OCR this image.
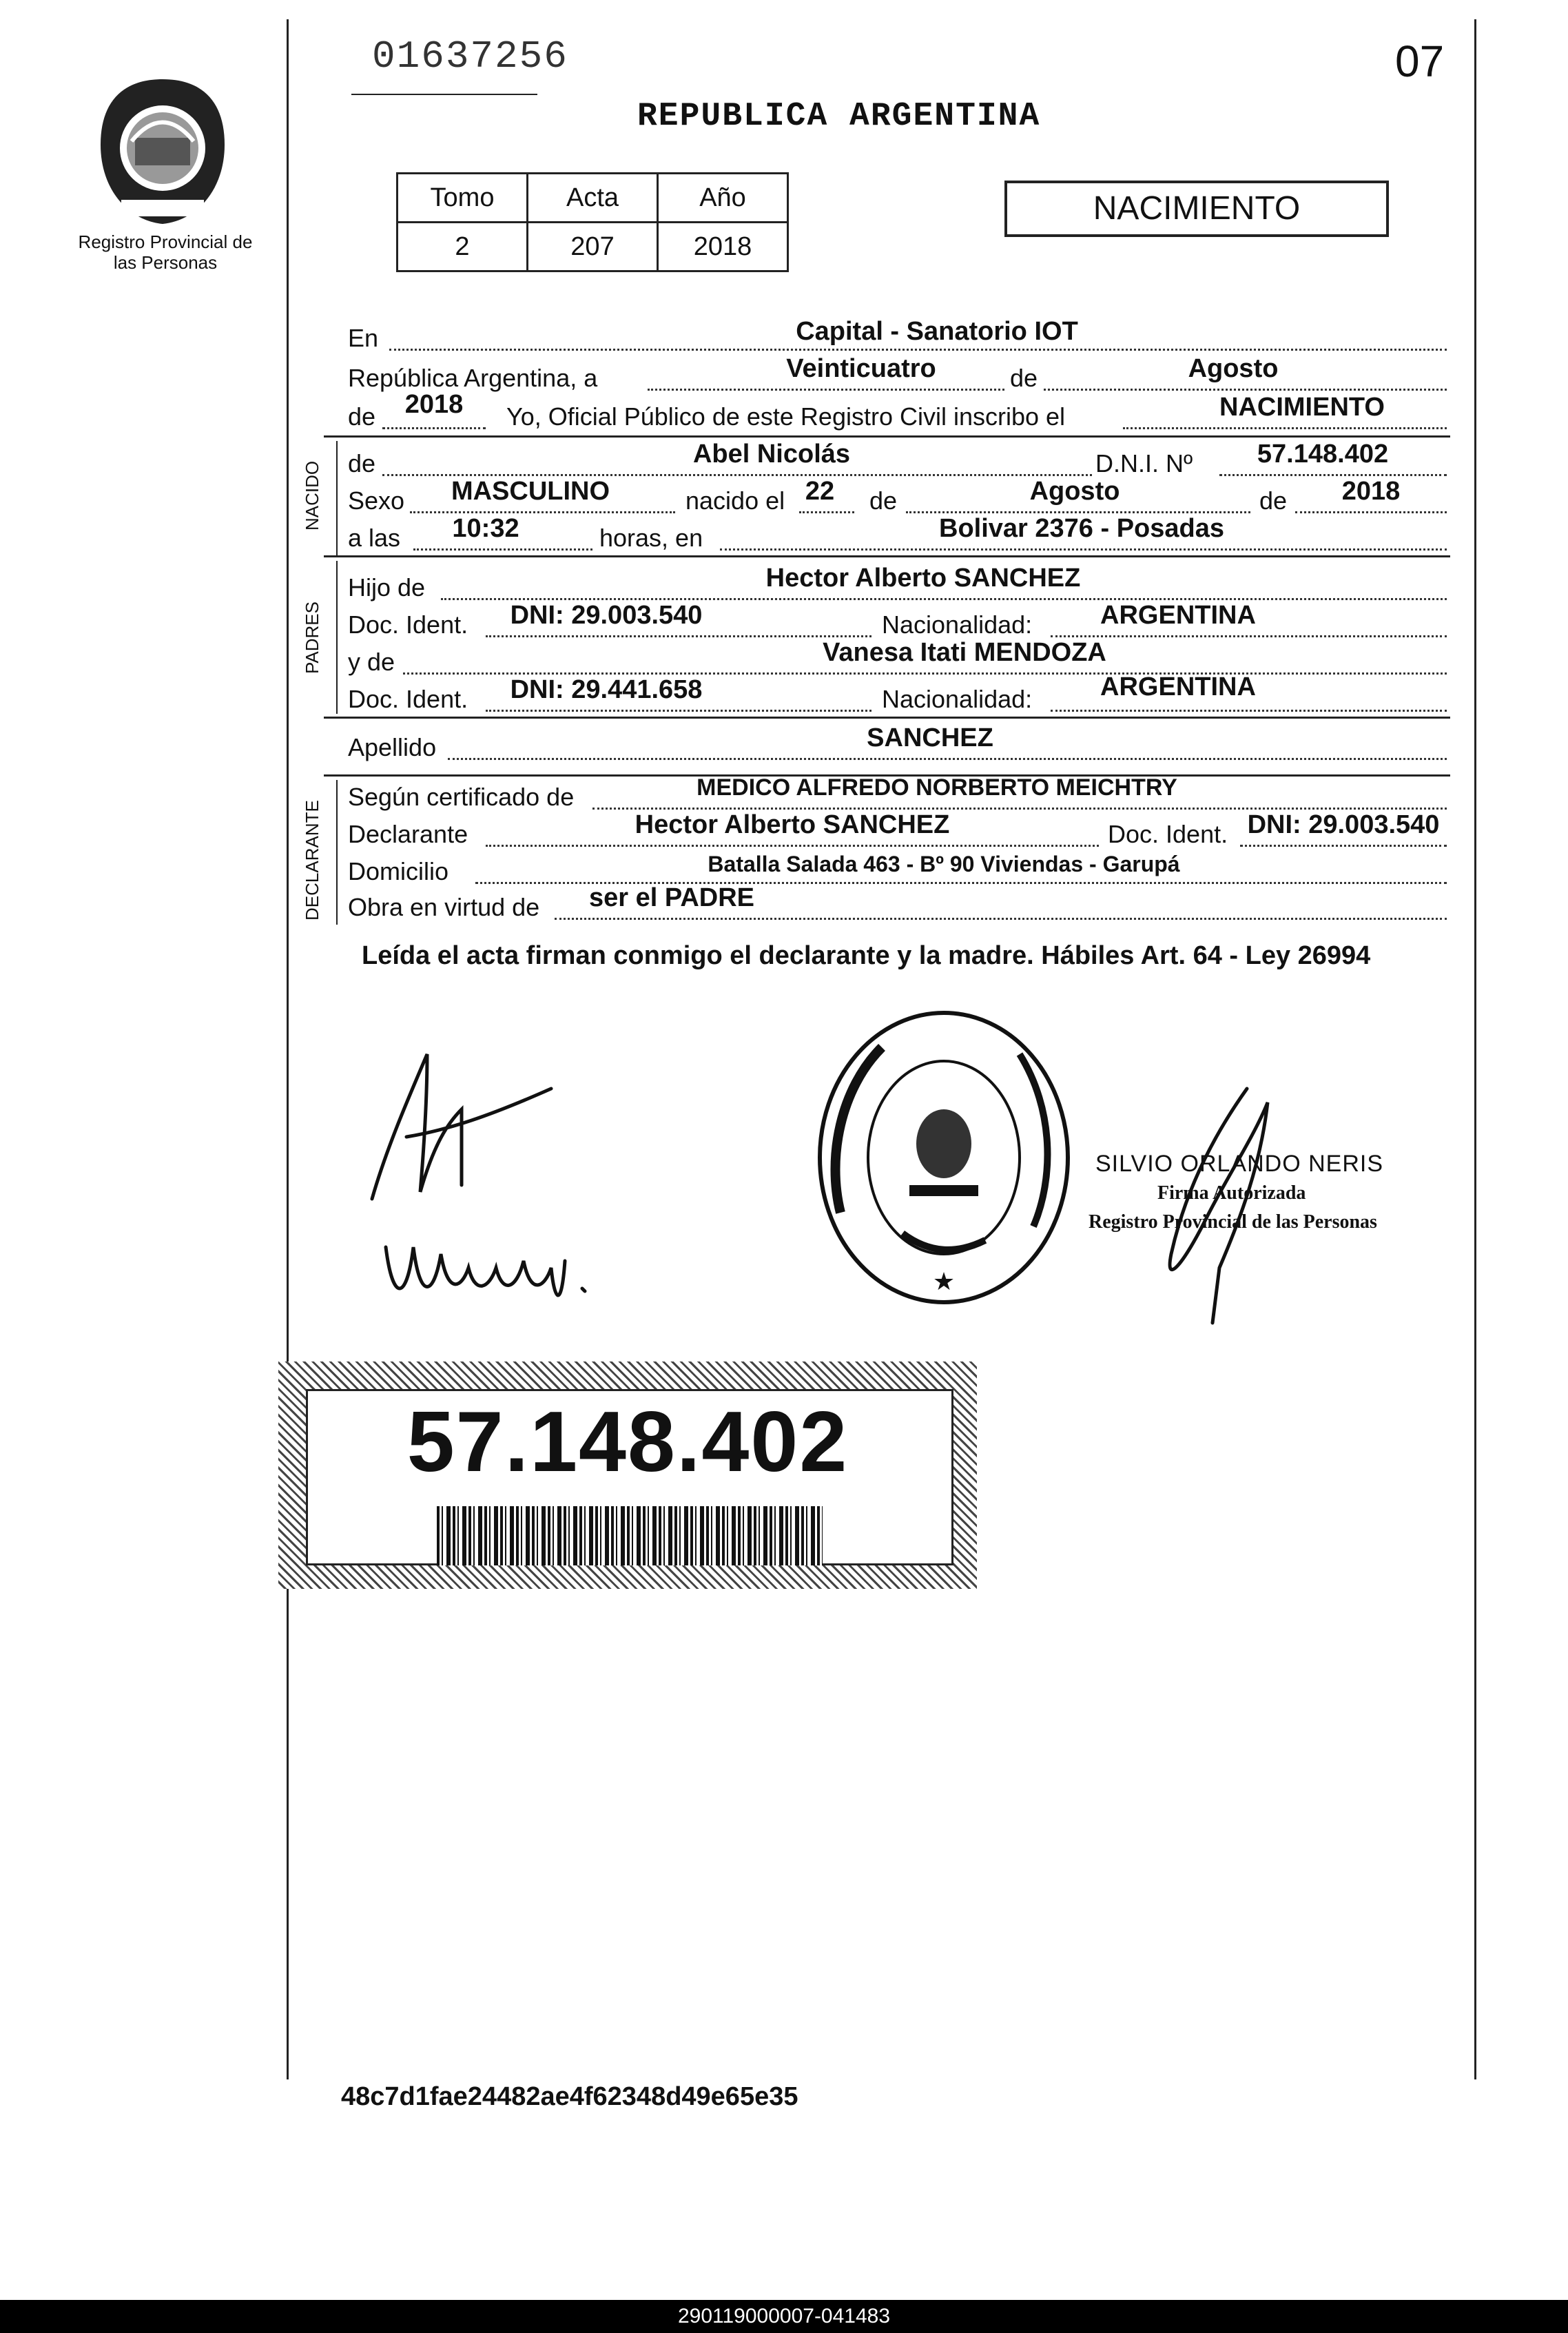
Registro Provincial de las Personas
01637256	07
REPUBLICA ARGENTINA
Tomo	Acta	Año
2	207	2018
NACIMIENTO
En	Capital - Sanatorio IOT
República Argentina, a	Veinticuatro	de	Agosto
de	2018	Yo, Oficial Público de este Registro Civil inscribo el	NACIMIENTO
NACIDO de	Abel Nicolás	D.N.I. Nº	57.148.402
Sexo	MASCULINO	nacido el 22 de	Agosto	de	2018
a las	10:32	horas, en	Bolivar 2376 - Posadas
PADRES
Hijo de	Hector Alberto SANCHEZ
Doc. Ident.	DNI: 29.003.540	Nacionalidad:	ARGENTINA
y de	Vanesa Itati MENDOZA
Doc. Ident.	DNI: 29.441.658	Nacionalidad:	ARGENTINA
Apellido	SANCHEZ
DECLARANTE
Según certificado de	MEDICO ALFREDO NORBERTO MEICHTRY
Declarante	Hector Alberto SANCHEZ	Doc. Ident. DNI: 29.003.540
Domicilio	Batalla Salada 463 - Bº 90 Viviendas - Garupá
Obra en virtud de	ser el PADRE
Leída el acta firman conmigo el declarante y la madre. Hábiles Art. 64 - Ley 26994
★
SILVIO ORLANDO NERIS
Firma Autorizada
Registro Provincial de las Personas
57.148.402
48c7d1fae24482ae4f62348d49e65e35
290119000007-041483
